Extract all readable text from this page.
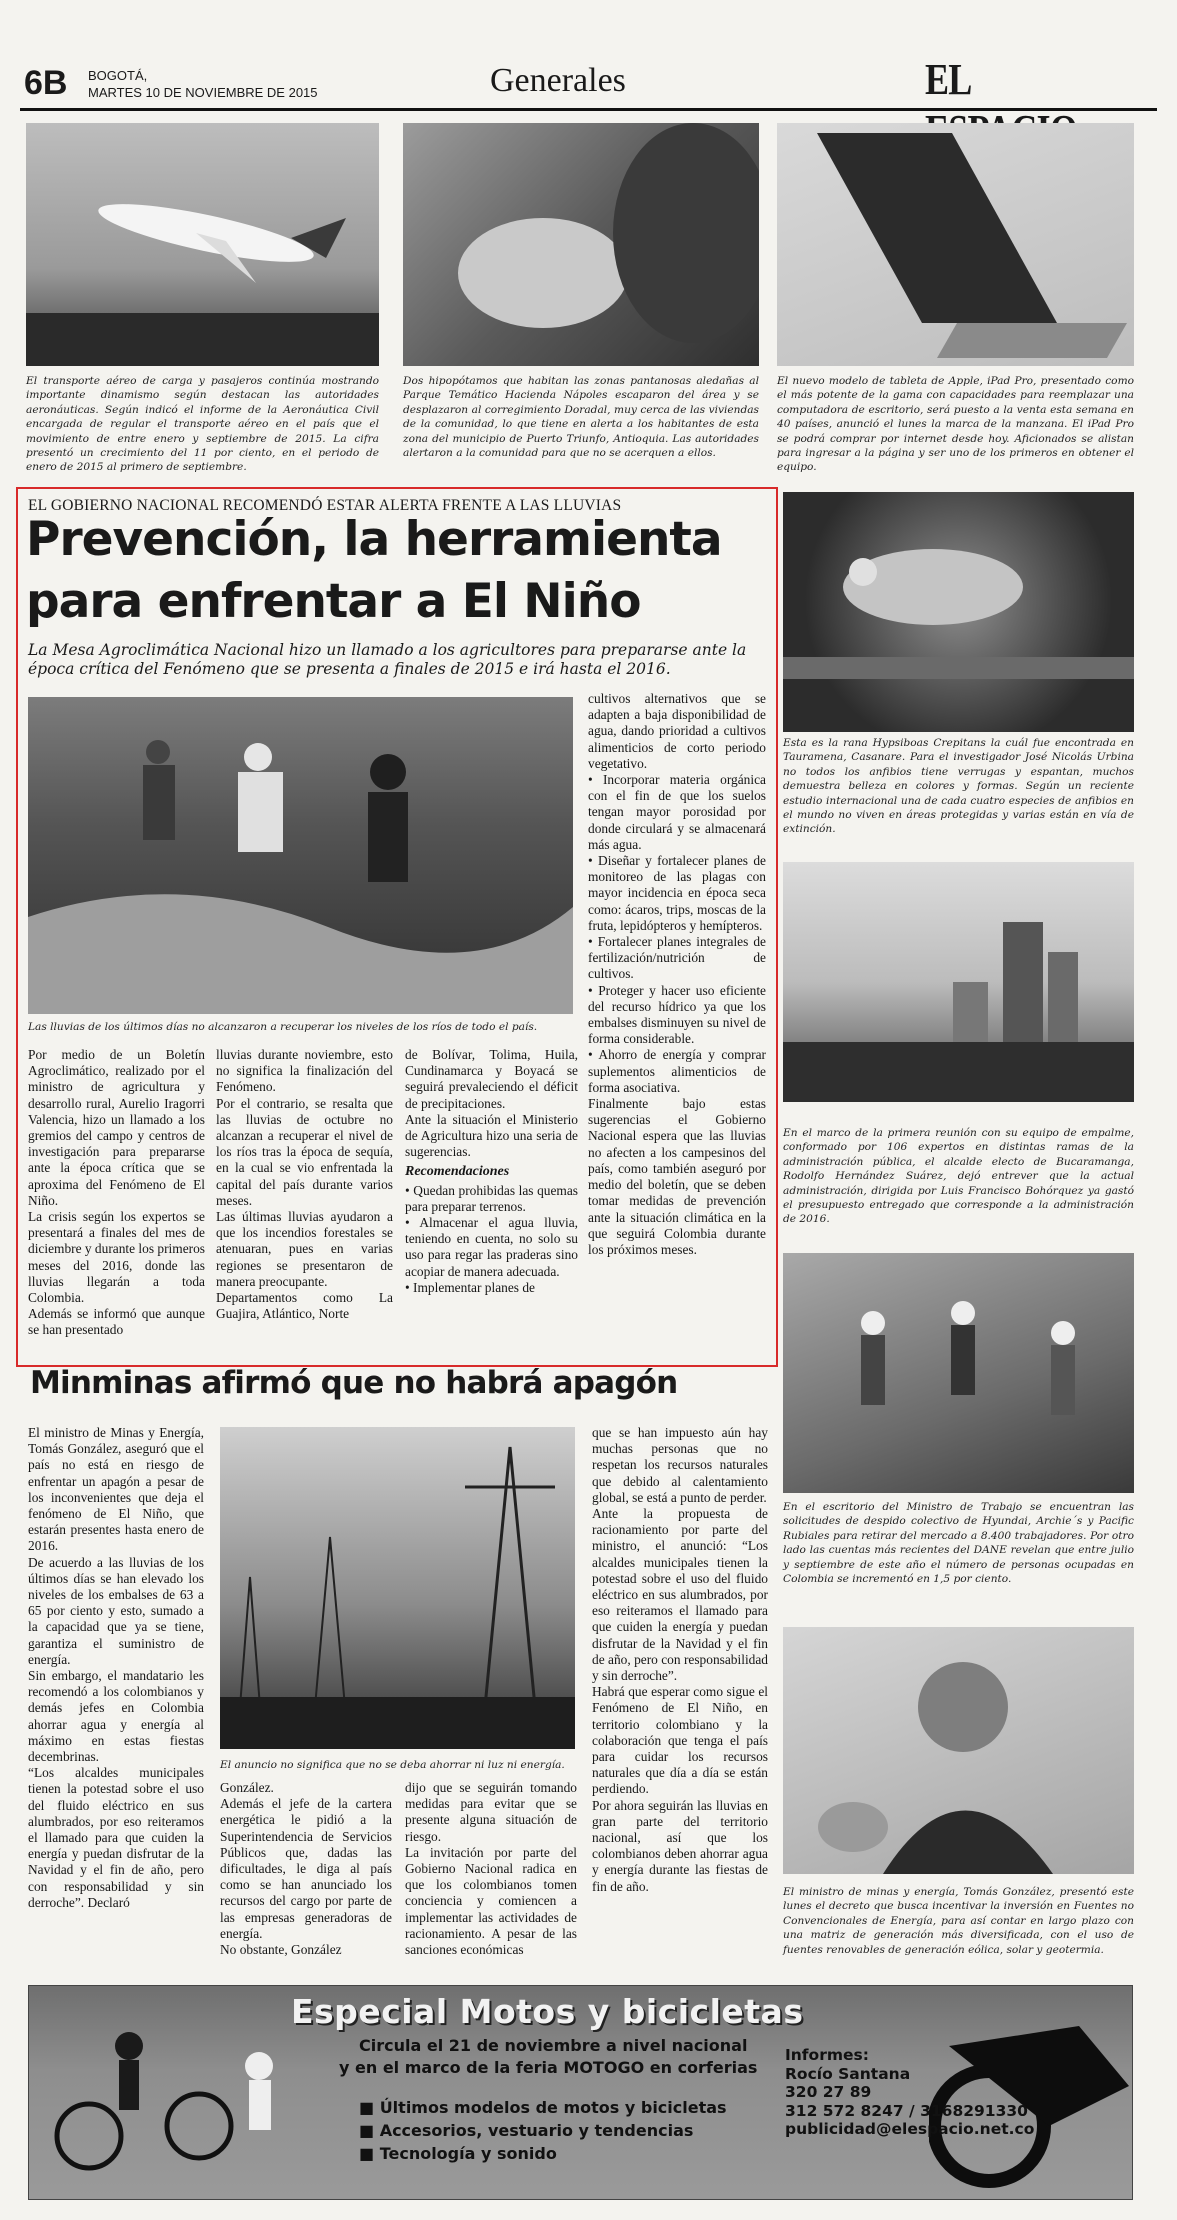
6B BOGOTÁ,
MARTES 10 DE NOVIEMBRE DE 2015	Generales	EL
El transporte aéreo de carga y pasajeros continúa mostrando importante dinamismo según destacan las autoridades aeronáuticas. Según indicó el informe de la Aeronáutica Civil encargada de regular el transporte aéreo en el país que el movimiento de entre enero y septiembre de 2015. La cifra presentó un crecimiento del 11 por ciento, en el periodo de enero de 2015 al primero de septiembre.
Dos hipopótamos que habitan las zonas pantanosas aledañas al Parque Temático Hacienda Nápoles escaparon del área y se desplazaron al corregimiento Doradal, muy cerca de las viviendas de la comunidad, lo que tiene en alerta a los habitantes de esta zona del municipio de Puerto Triunfo, Antioquia. Las autoridades alertaron a la comunidad para que no se acerquen a ellos.
El nuevo modelo de tableta de Apple, iPad Pro, presentado como el más potente de la gama con capacidades para reemplazar una computadora de escritorio, será puesto a la venta esta semana en 40 países, anunció el lunes la marca de la manzana. El iPad Pro se podrá comprar por internet desde hoy. Aficionados se alistan para ingresar a la página y ser uno de los primeros en obtener el equipo.
EL GOBIERNO NACIONAL RECOMENDÓ ESTAR ALERTA FRENTE A LAS LLUVIAS
Prevención, la herramienta
para enfrentar a El Niño
La Mesa Agroclimática Nacional hizo un llamado a los agricultores para prepararse ante la época crítica del Fenómeno que se presenta a finales de 2015 e irá hasta el 2016.
Las lluvias de los últimos días no alcanzaron a recuperar los niveles de los ríos de todo el país.

Por medio de un Boletín Agroclimático, realizado por el ministro de agricultura y desarrollo rural, Aurelio Iragorri Valencia, hizo un llamado a los gremios del campo y centros de investigación para prepararse ante la época crítica que se aproxima del Fenómeno de El Niño.

La crisis según los expertos se presentará a finales del mes de diciembre y durante los primeros meses del 2016, donde las lluvias llegarán a toda Colombia.

Además se informó que aunque se han presentado

lluvias durante noviembre, esto no significa la finalización del Fenómeno.

Por el contrario, se resalta que las lluvias de octubre no alcanzan a recuperar el nivel de los ríos tras la época de sequía, en la cual se vio enfrentada la capital del país durante varios meses.

Las últimas lluvias ayudaron a que los incendios forestales se atenuaran, pues en varias regiones se presentaron de manera preocupante.

Departamentos como La Guajira, Atlántico, Norte

de Bolívar, Tolima, Huila, Cundinamarca y Boyacá se seguirá prevaleciendo el déficit de precipitaciones.

Ante la situación el Ministerio de Agricultura hizo una seria de sugerencias.

Recomendaciones

• Quedan prohibidas las quemas para preparar terrenos.

• Almacenar el agua lluvia, teniendo en cuenta, no solo su uso para regar las praderas sino acopiar de manera adecuada.

• Implementar planes de

cultivos alternativos que se adapten a baja disponibilidad de agua, dando prioridad a cultivos alimenticios de corto periodo vegetativo.

• Incorporar materia orgánica con el fin de que los suelos tengan mayor porosidad por donde circulará y se almacenará más agua.

• Diseñar y fortalecer planes de monitoreo de las plagas con mayor incidencia en época seca como: ácaros, trips, moscas de la fruta, lepidópteros y hemípteros.

• Fortalecer planes integrales de fertilización/nutrición de cultivos.

• Proteger y hacer uso eficiente del recurso hídrico ya que los embalses disminuyen su nivel de forma considerable.

• Ahorro de energía y comprar suplementos alimenticios de forma asociativa.

Finalmente bajo estas sugerencias el Gobierno Nacional espera que las lluvias no afecten a los campesinos del país, como también aseguró por medio del boletín, que se deben tomar medidas de prevención ante la situación climática en la que seguirá Colombia durante los próximos meses.

Esta es la rana Hypsiboas Crepitans la cuál fue encontrada en Tauramena, Casanare. Para el investigador José Nicolás Urbina no todos los anfibios tiene verrugas y espantan, muchos demuestra belleza en colores y formas. Según un reciente estudio internacional una de cada cuatro especies de anfibios en el mundo no viven en áreas protegidas y varias están en vía de extinción.
En el marco de la primera reunión con su equipo de empalme, conformado por 106 expertos en distintas ramas de la administración pública, el alcalde electo de Bucaramanga, Rodolfo Hernández Suárez, dejó entrever que la actual administración, dirigida por Luis Francisco Bohórquez ya gastó el presupuesto entregado que corresponde a la administración de 2016.
En el escritorio del Ministro de Trabajo se encuentran las solicitudes de despido colectivo de Hyundai, Archie´s y Pacific Rubiales para retirar del mercado a 8.400 trabajadores. Por otro lado las cuentas más recientes del DANE revelan que entre julio y septiembre de este año el número de personas ocupadas en Colombia se incrementó en 1,5 por ciento.
El ministro de minas y energía, Tomás González, presentó este lunes el decreto que busca incentivar la inversión en Fuentes no Convencionales de Energía, para así contar en largo plazo con una matriz de generación más diversificada, con el uso de fuentes renovables de generación eólica, solar y geotermia.
Minminas afirmó que no habrá apagón

El ministro de Minas y Energía, Tomás González, aseguró que el país no está en riesgo de enfrentar un apagón a pesar de los inconvenientes que deja el fenómeno de El Niño, que estarán presentes hasta enero de 2016.

De acuerdo a las lluvias de los últimos días se han elevado los niveles de los embalses de 63 a 65 por ciento y esto, sumado a la capacidad que ya se tiene, garantiza el suministro de energía.

Sin embargo, el mandatario les recomendó a los colombianos y demás jefes en Colombia ahorrar agua y energía al máximo en estas fiestas decembrinas.

“Los alcaldes municipales tienen la potestad sobre el uso del fluido eléctrico en sus alumbrados, por eso reiteramos el llamado para que cuiden la energía y puedan disfrutar de la Navidad y el fin de año, pero con responsabilidad y sin derroche”. Declaró

El anuncio no significa que no se deba ahorrar ni luz ni energía.

González.

Además el jefe de la cartera energética le pidió a la Superintendencia de Servicios Públicos que, dadas las dificultades, le diga al país como se han anunciado los recursos del cargo por parte de las empresas generadoras de energía.

No obstante, González

dijo que se seguirán tomando medidas para evitar que se presente alguna situación de riesgo.

La invitación por parte del Gobierno Nacional radica en que los colombianos tomen conciencia y comiencen a implementar las actividades de racionamiento. A pesar de las sanciones económicas

que se han impuesto aún hay muchas personas que no respetan los recursos naturales que debido al calentamiento global, se está a punto de perder.

Ante la propuesta de racionamiento por parte del ministro, el anunció: “Los alcaldes municipales tienen la potestad sobre el uso del fluido eléctrico en sus alumbrados, por eso reiteramos el llamado para que cuiden la energía y puedan disfrutar de la Navidad y el fin de año, pero con responsabilidad y sin derroche”.

Habrá que esperar como sigue el Fenómeno de El Niño, en territorio colombiano y la colaboración que tenga el país para cuidar los recursos naturales que día a día se están perdiendo.

Por ahora seguirán las lluvias en gran parte del territorio nacional, así que los colombianos deben ahorrar agua y energía durante las fiestas de fin de año.

Especial Motos y bicicletas
Circula el 21 de noviembre a nivel nacional
y en el marco de la feria MOTOGO en corferias
■ Últimos modelos de motos y bicicletas
■ Accesorios, vestuario y tendencias
■ Tecnología y sonido
Informes:
Rocío Santana
320 27 89
312 572 8247 / 3168291330
publicidad@elespacio.net.co
